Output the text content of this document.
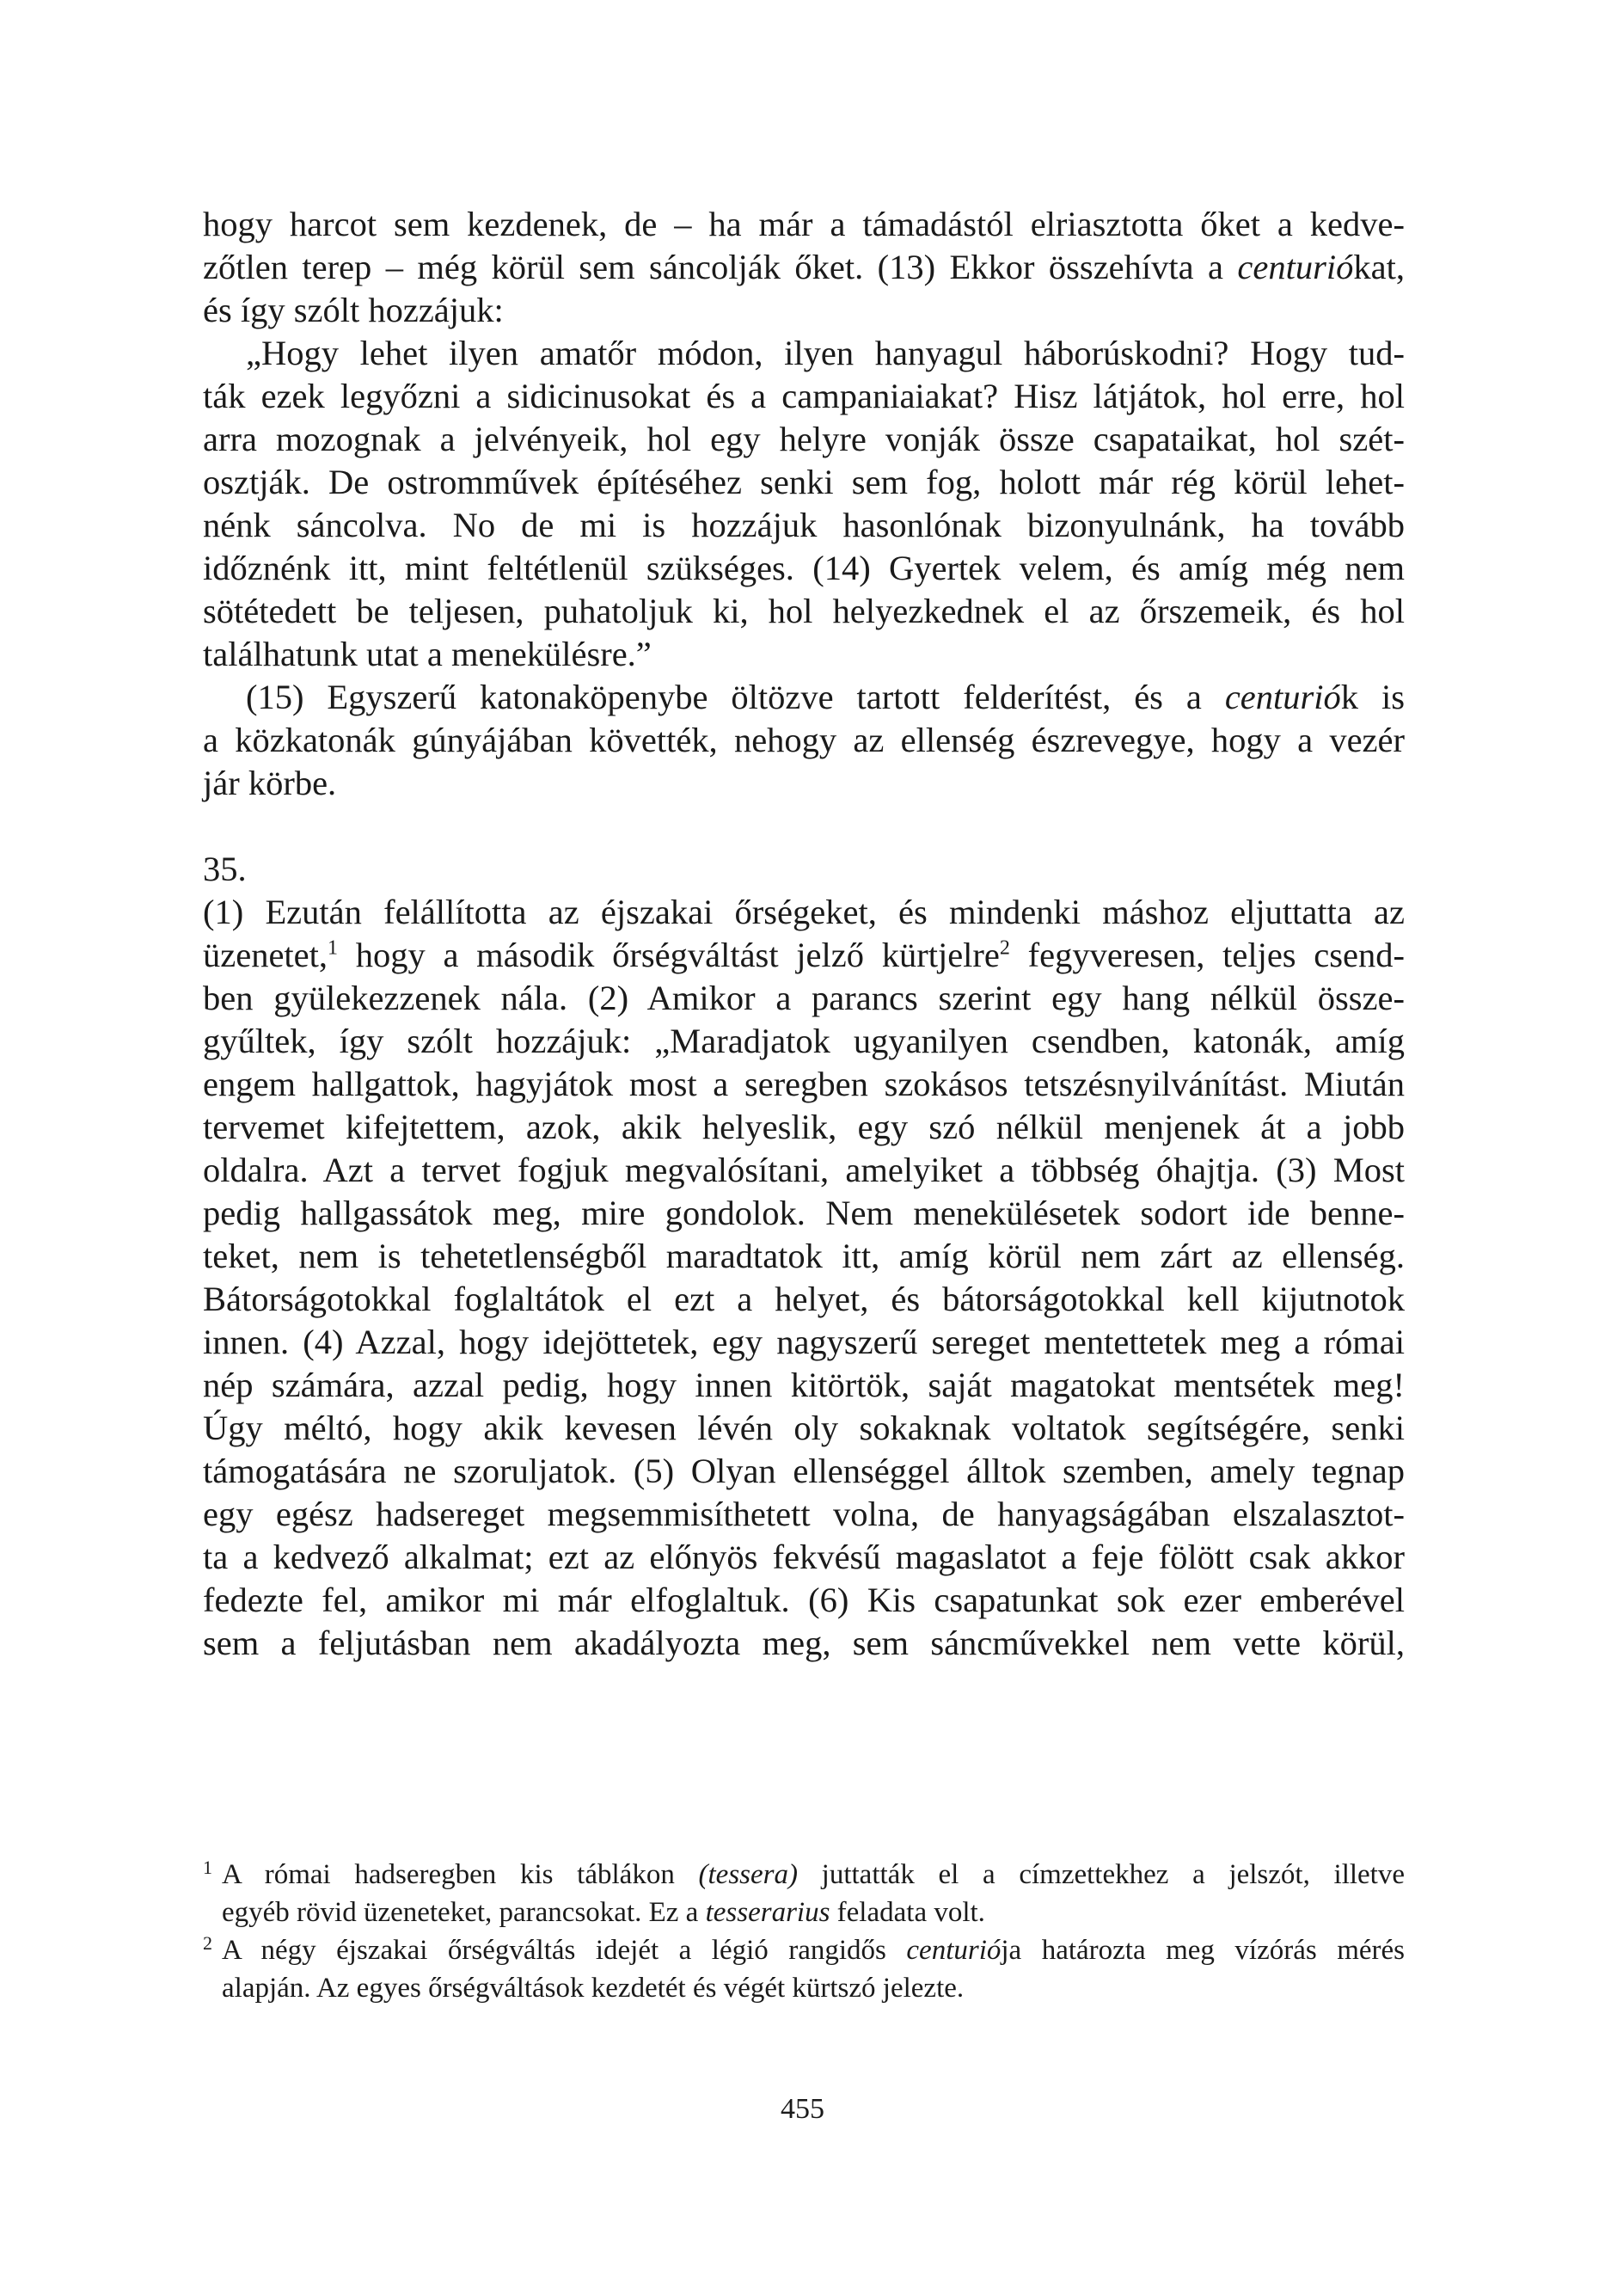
hogy harcot sem kezdenek, de – ha már a támadástól elriasztotta őket a kedve-
zőtlen terep – még körül sem sáncolják őket. (13) Ekkor összehívta a centuriókat,
és így szólt hozzájuk:
„Hogy lehet ilyen amatőr módon, ilyen hanyagul háborúskodni? Hogy tud-
ták ezek legyőzni a sidicinusokat és a campaniaiakat? Hisz látjátok, hol erre, hol
arra mozognak a jelvényeik, hol egy helyre vonják össze csapataikat, hol szét-
osztják. De ostromművek építéséhez senki sem fog, holott már rég körül lehet-
nénk sáncolva. No de mi is hozzájuk hasonlónak bizonyulnánk, ha tovább
időznénk itt, mint feltétlenül szükséges. (14) Gyertek velem, és amíg még nem
sötétedett be teljesen, puhatoljuk ki, hol helyezkednek el az őrszemeik, és hol
találhatunk utat a menekülésre.”
(15) Egyszerű katonaköpenybe öltözve tartott felderítést, és a centuriók is
a közkatonák gúnyájában követték, nehogy az ellenség észrevegye, hogy a vezér
jár körbe.
35.
(1) Ezután felállította az éjszakai őrségeket, és mindenki máshoz eljuttatta az
üzenetet,$^1$ hogy a második őrségváltást jelző kürtjelre$^2$ fegyveresen, teljes csend-
ben gyülekezzenek nála. (2) Amikor a parancs szerint egy hang nélkül össze-
gyűltek, így szólt hozzájuk: „Maradjatok ugyanilyen csendben, katonák, amíg
engem hallgattok, hagyjátok most a seregben szokásos tetszésnyilvánítást. Miután
tervemet kifejtettem, azok, akik helyeslik, egy szó nélkül menjenek át a jobb
oldalra. Azt a tervet fogjuk megvalósítani, amelyiket a többség óhajtja. (3) Most
pedig hallgassátok meg, mire gondolok. Nem menekülésetek sodort ide benne-
teket, nem is tehetetlenségből maradtatok itt, amíg körül nem zárt az ellenség.
Bátorságotokkal foglaltátok el ezt a helyet, és bátorságotokkal kell kijutnotok
innen. (4) Azzal, hogy idejöttetek, egy nagyszerű sereget mentettetek meg a római
nép számára, azzal pedig, hogy innen kitörtök, saját magatokat mentsétek meg!
Úgy méltó, hogy akik kevesen lévén oly sokaknak voltatok segítségére, senki
támogatására ne szoruljatok. (5) Olyan ellenséggel álltok szemben, amely tegnap
egy egész hadsereget megsemmisíthetett volna, de hanyagságában elszalasztot-
ta a kedvező alkalmat; ezt az előnyös fekvésű magaslatot a feje fölött csak akkor
fedezte fel, amikor mi már elfoglaltuk. (6) Kis csapatunkat sok ezer emberével
sem a feljutásban nem akadályozta meg, sem sáncművekkel nem vette körül,
1 A római hadseregben kis táblákon (tessera) juttatták el a címzettekhez a jelszót, illetve
egyéb rövid üzeneteket, parancsokat. Ez a tesserarius feladata volt.
2 A négy éjszakai őrségváltás idejét a légió rangidős centuriója határozta meg vízórás mérés
alapján. Az egyes őrségváltások kezdetét és végét kürtszó jelezte.
455
